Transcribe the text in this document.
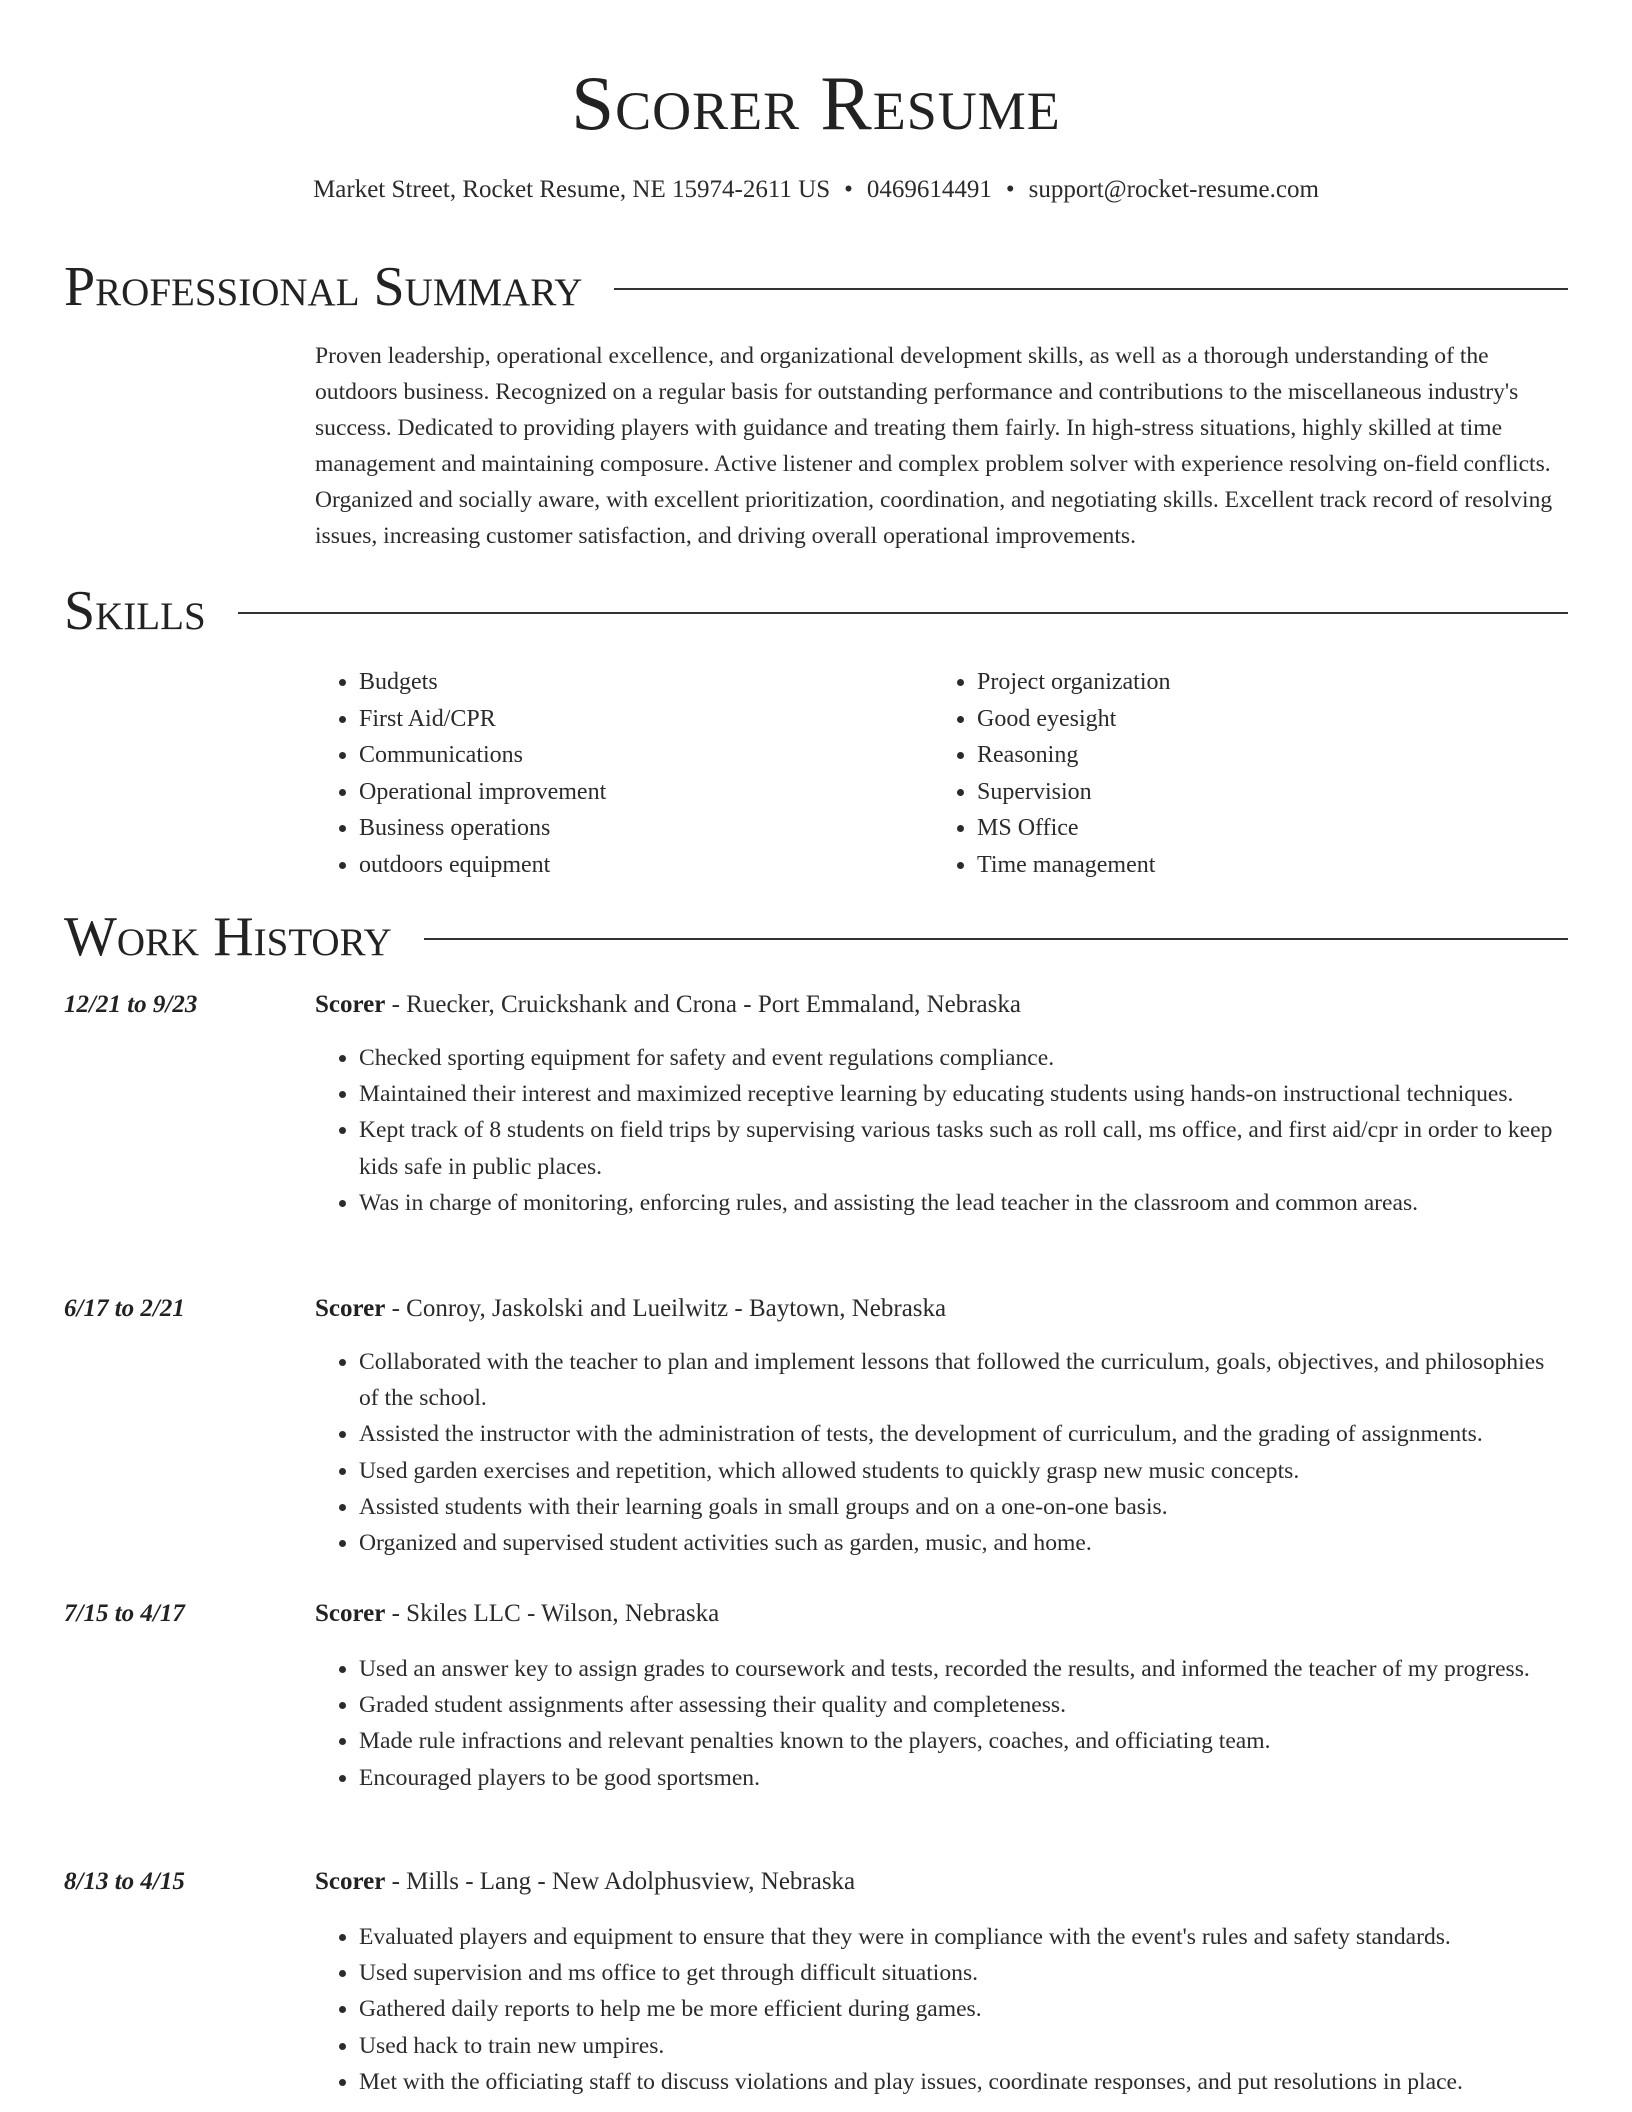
Scorer Resume
Market Street, Rocket Resume, NE 15974-2611 US • 0469614491 • support@rocket-resume.com
Professional Summary
Proven leadership, operational excellence, and organizational development skills, as well as a thorough understanding of the outdoors business. Recognized on a regular basis for outstanding performance and contributions to the miscellaneous industry's success. Dedicated to providing players with guidance and treating them fairly. In high-stress situations, highly skilled at time management and maintaining composure. Active listener and complex problem solver with experience resolving on-field conflicts. Organized and socially aware, with excellent prioritization, coordination, and negotiating skills. Excellent track record of resolving issues, increasing customer satisfaction, and driving overall operational improvements.
Skills
• Budgets
• First Aid/CPR
• Communications
• Operational improvement
• Business operations
• outdoors equipment
• Project organization
• Good eyesight
• Reasoning
• Supervision
• MS Office
• Time management
Work History
12/21 to 9/23	Scorer - Ruecker, Cruickshank and Crona - Port Emmaland, Nebraska
• Checked sporting equipment for safety and event regulations compliance.
• Maintained their interest and maximized receptive learning by educating students using hands-on instructional techniques.
• Kept track of 8 students on field trips by supervising various tasks such as roll call, ms office, and first aid/cpr in order to keep kids safe in public places.
• Was in charge of monitoring, enforcing rules, and assisting the lead teacher in the classroom and common areas.
6/17 to 2/21	Scorer - Conroy, Jaskolski and Lueilwitz - Baytown, Nebraska
• Collaborated with the teacher to plan and implement lessons that followed the curriculum, goals, objectives, and philosophies of the school.
• Assisted the instructor with the administration of tests, the development of curriculum, and the grading of assignments.
• Used garden exercises and repetition, which allowed students to quickly grasp new music concepts.
• Assisted students with their learning goals in small groups and on a one-on-one basis.
• Organized and supervised student activities such as garden, music, and home.
7/15 to 4/17	Scorer - Skiles LLC - Wilson, Nebraska
• Used an answer key to assign grades to coursework and tests, recorded the results, and informed the teacher of my progress.
• Graded student assignments after assessing their quality and completeness.
• Made rule infractions and relevant penalties known to the players, coaches, and officiating team.
• Encouraged players to be good sportsmen.
8/13 to 4/15	Scorer - Mills - Lang - New Adolphusview, Nebraska
• Evaluated players and equipment to ensure that they were in compliance with the event's rules and safety standards.
• Used supervision and ms office to get through difficult situations.
• Gathered daily reports to help me be more efficient during games.
• Used hack to train new umpires.
• Met with the officiating staff to discuss violations and play issues, coordinate responses, and put resolutions in place.
